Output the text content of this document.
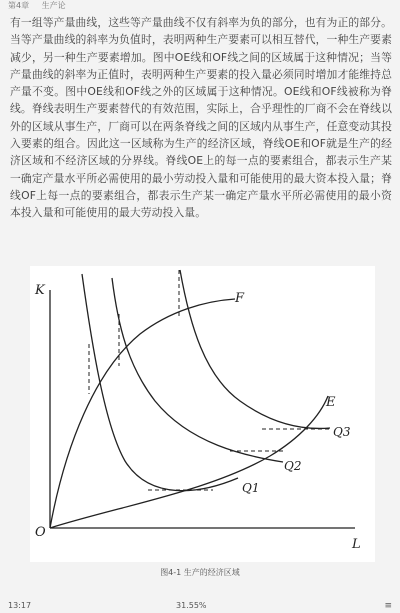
第4章 生产论
有一组等产量曲线，这些等产量曲线不仅有斜率为负的部分，也有为正的部分。当等产量曲线的斜率为负值时，表明两种生产要素可以相互替代，一种生产要素减少，另一种生产要素增加。图中OE线和OF线之间的区域属于这种情况；当等产量曲线的斜率为正值时，表明两种生产要素的投入量必须同时增加才能维持总产量不变。图中OE线和OF线之外的区域属于这种情况。OE线和OF线被称为脊线。脊线表明生产要素替代的有效范围，实际上，合乎理性的厂商不会在脊线以外的区域从事生产，厂商可以在两条脊线之间的区域内从事生产，任意变动其投入要素的组合。因此这一区域称为生产的经济区域，脊线OE和OF就是生产的经济区域和不经济区域的分界线。脊线OE上的每一点的要素组合，都表示生产某一确定产量水平所必需使用的最小劳动投入量和可能使用的最大资本投入量；脊线OF上每一点的要素组合，都表示生产某一确定产量水平所必需使用的最小资本投入量和可能使用的最大劳动投入量。
K
L
O
F
E
Q1
Q2
Q3
图4-1 生产的经济区域
13:17	31.55%	≡
